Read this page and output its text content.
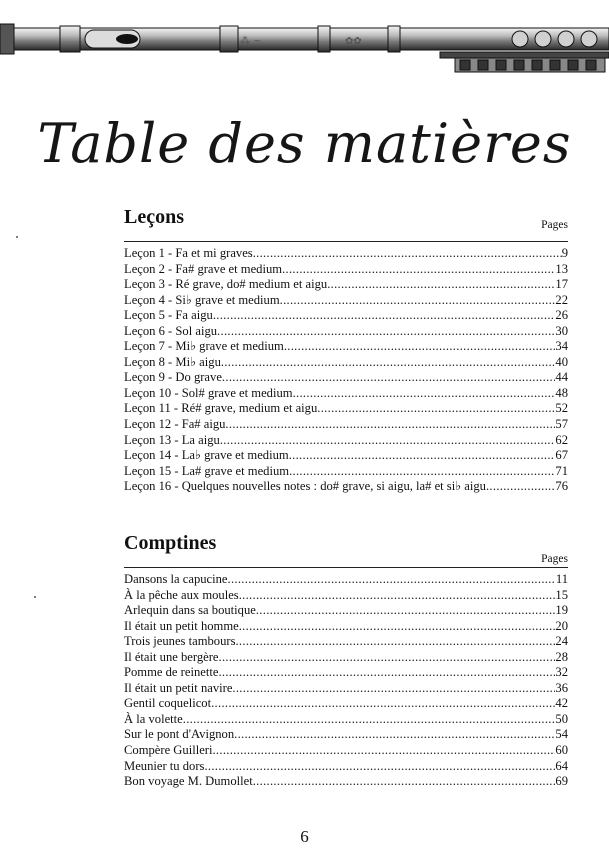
⁂ ~	✿✿
Table des matières
Leçons	Pages
Leçon 1 - Fa et mi graves .....	9
Leçon 2 - Fa# grave et medium .....	13
Leçon 3 - Ré grave, do# medium et aigu .....	17
Leçon 4 - Si♭ grave et medium .....	22
Leçon 5 - Fa aigu .....	26
Leçon 6 - Sol aigu .....	30
Leçon 7 - Mi♭ grave et medium .....	34
Leçon 8 - Mi♭ aigu .....	40
Leçon 9 - Do grave .....	44
Leçon 10 - Sol# grave et medium .....	48
Leçon 11 - Ré# grave, medium et aigu .....	52
Leçon 12 - Fa# aigu .....	57
Leçon 13 - La aigu .....	62
Leçon 14 - La♭ grave et medium .....	67
Leçon 15 - La# grave et medium .....	71
Leçon 16 - Quelques nouvelles notes : do# grave, si aigu, la# et si♭ aigu .....	76
Comptines
Pages
Dansons la capucine .....	11
À la pêche aux moules .....	15
Arlequin dans sa boutique .....	19
Il était un petit homme .....	20
Trois jeunes tambours .....	24
Il était une bergère .....	28
Pomme de reinette .....	32
Il était un petit navire .....	36
Gentil coquelicot .....	42
À la volette .....	50
Sur le pont d'Avignon .....	54
Compère Guilleri .....	60
Meunier tu dors .....	64
Bon voyage M. Dumollet .....	69
6
